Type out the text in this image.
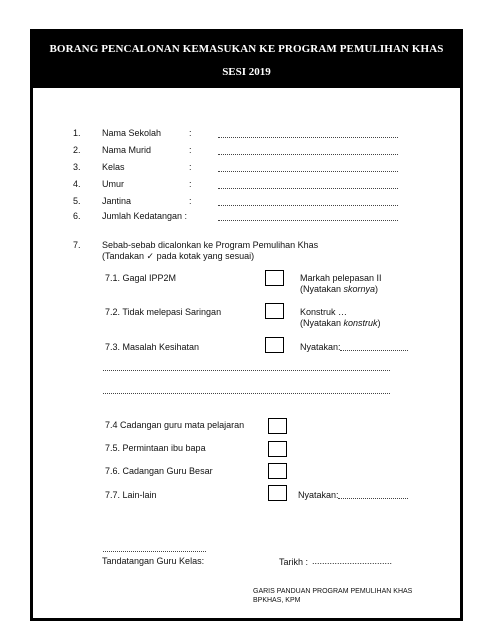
BORANG PENCALONAN KEMASUKAN KE PROGRAM PEMULIHAN KHAS
SESI 2019
1. Nama Sekolah	:
2. Nama Murid	:
3. Kelas	:
4. Umur	:
5. Jantina	:
6. Jumlah Kedatangan :
7. Sebab-sebab dicalonkan ke Program Pemulihan Khas
(Tandakan ✓ pada kotak yang sesuai)
7.1. Gagal IPP2M	Markah pelepasan II
(Nyatakan skornya)
7.2. Tidak melepasi Saringan	Konstruk …
(Nyatakan konstruk)
7.3. Masalah Kesihatan	Nyatakan:
7.4 Cadangan guru mata pelajaran
7.5. Permintaan ibu bapa
7.6. Cadangan Guru Besar
7.7. Lain-lain	Nyatakan:
Tandatangan Guru Kelas:	Tarikh : ................................
GARIS PANDUAN PROGRAM PEMULIHAN KHAS
BPKHAS, KPM
